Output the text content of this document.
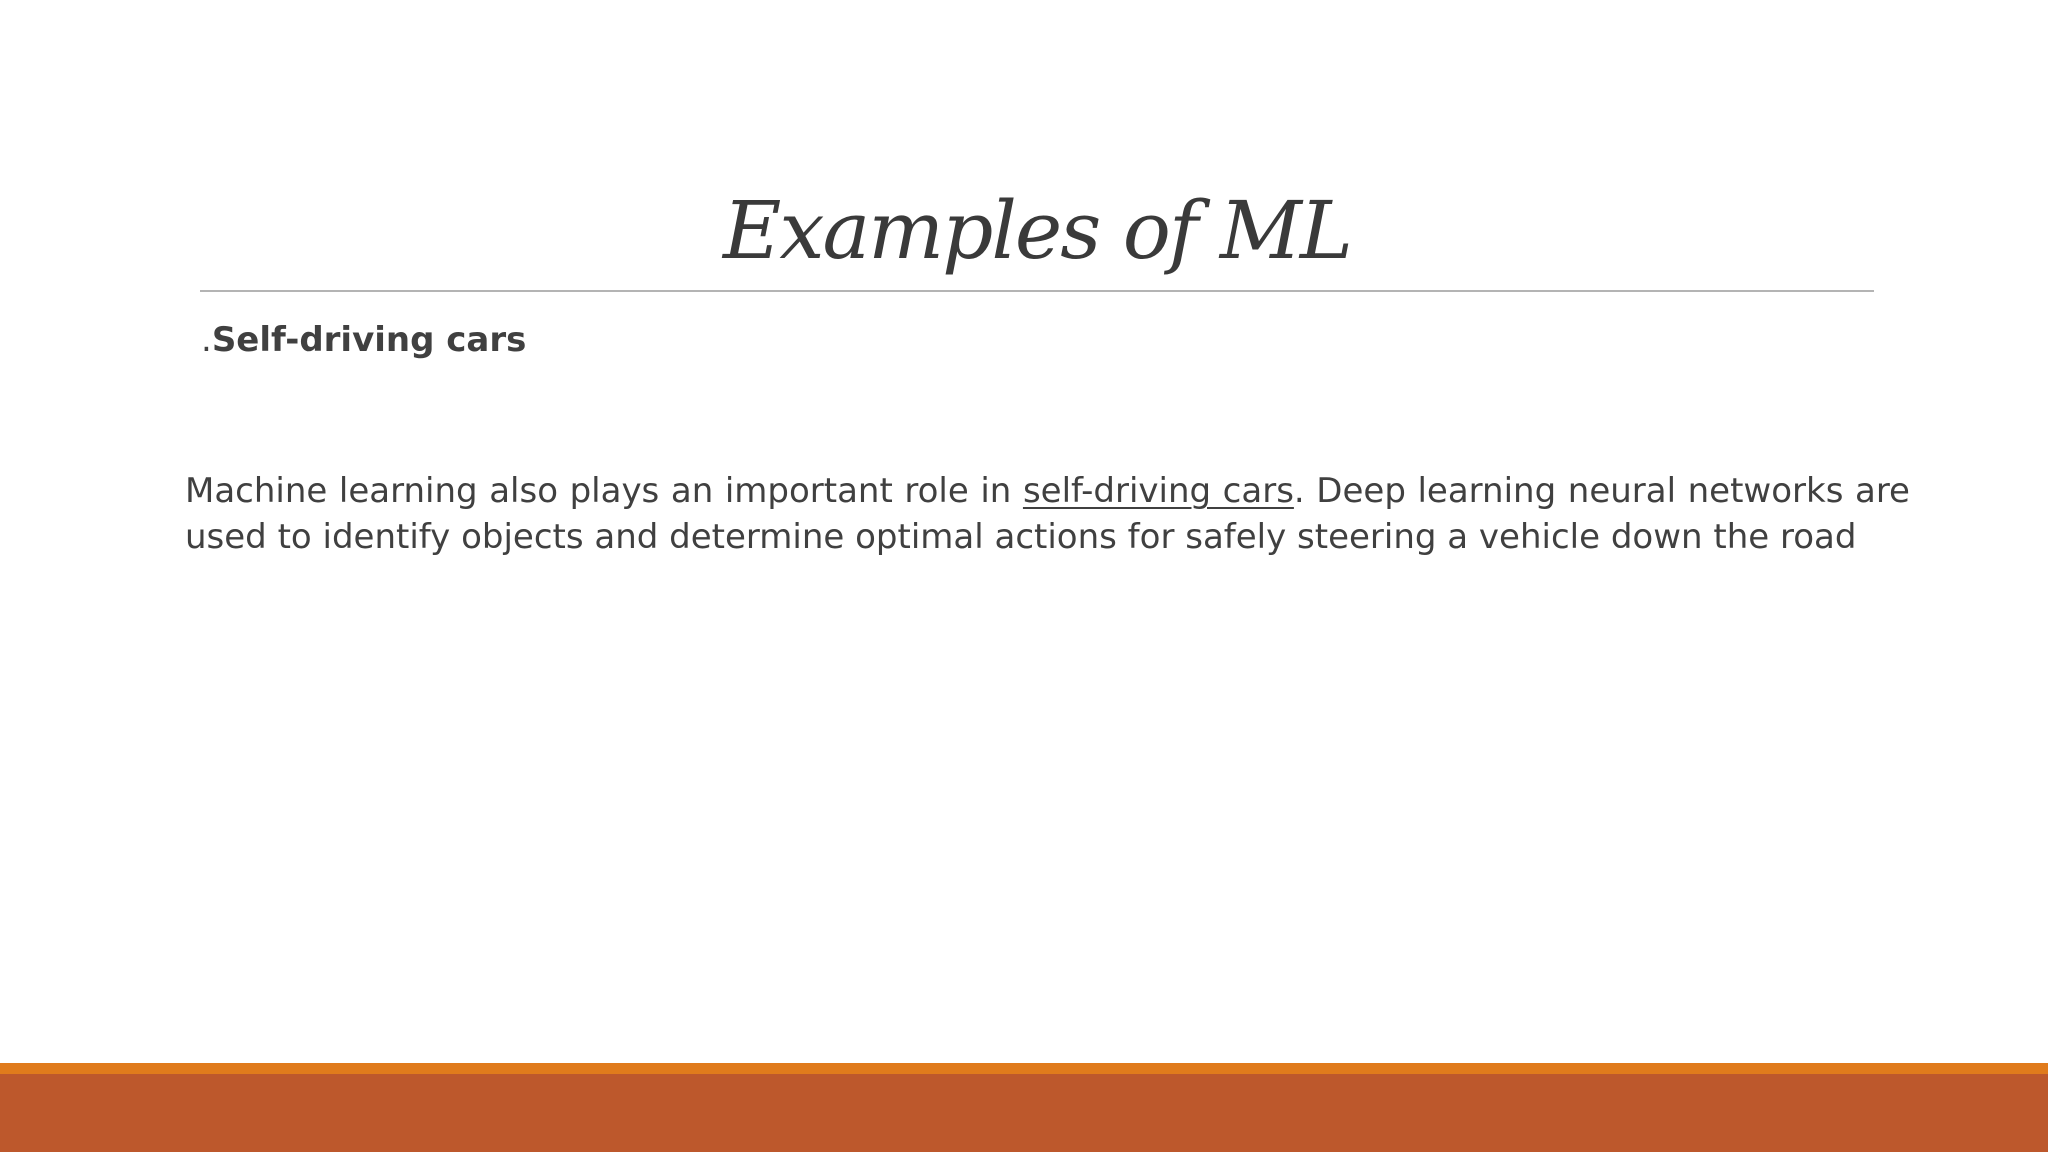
Examples of ML
.Self-driving cars
Machine learning also plays an important role in self-driving cars. Deep learning neural networks are used to identify objects and determine optimal actions for safely steering a vehicle down the road
